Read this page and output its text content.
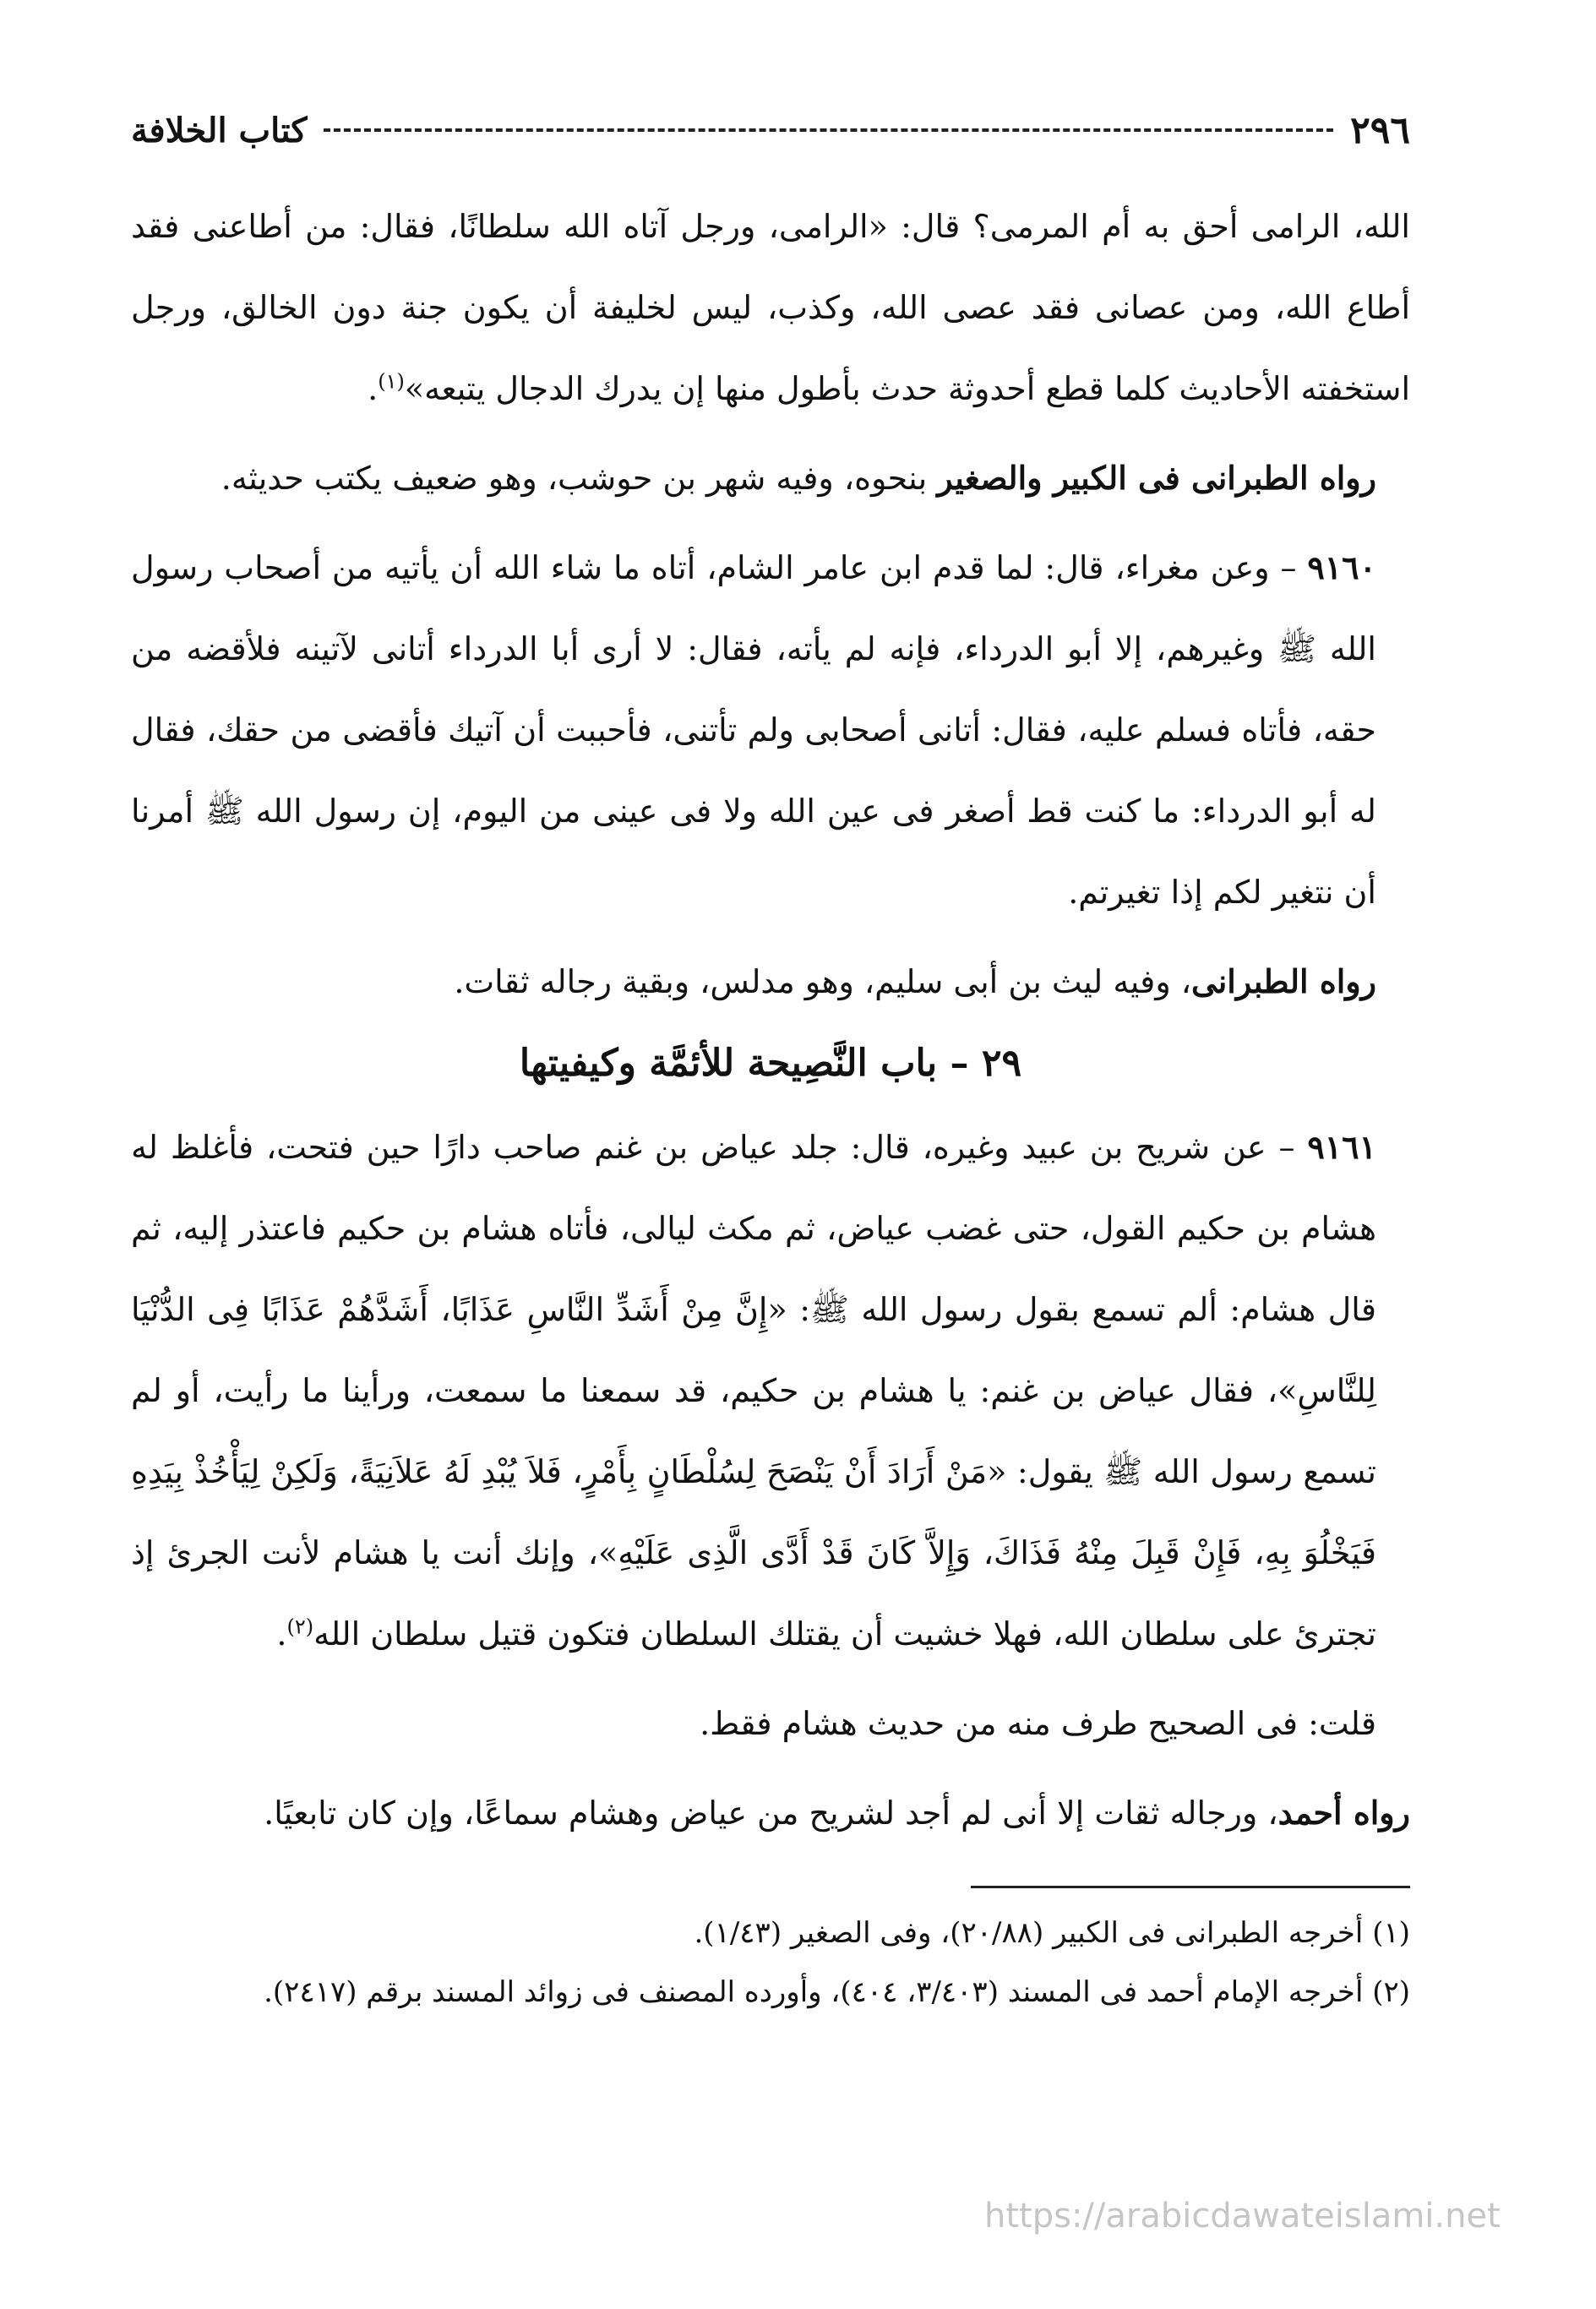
٢٩٦
كتاب الخلافة

الله، الرامى أحق به أم المرمى؟ قال: «الرامى، ورجل آتاه الله سلطانًا، فقال: من أطاعنى فقد أطاع الله، ومن عصانى فقد عصى الله، وكذب، ليس لخليفة أن يكون جنة دون الخالق، ورجل استخفته الأحاديث كلما قطع أحدوثة حدث بأطول منها إن يدرك الدجال يتبعه»$^{(١)}$.

رواه الطبرانى فى الكبير والصغير بنحوه، وفيه شهر بن حوشب، وهو ضعيف يكتب حديثه.

٩١٦٠ – وعن مغراء، قال: لما قدم ابن عامر الشام، أتاه ما شاء الله أن يأتيه من أصحاب رسول الله ﷺ وغيرهم، إلا أبو الدرداء، فإنه لم يأته، فقال: لا أرى أبا الدرداء أتانى لآتينه فلأقضه من حقه، فأتاه فسلم عليه، فقال: أتانى أصحابى ولم تأتنى، فأحببت أن آتيك فأقضى من حقك، فقال له أبو الدرداء: ما كنت قط أصغر فى عين الله ولا فى عينى من اليوم، إن رسول الله ﷺ أمرنا أن نتغير لكم إذا تغيرتم.

رواه الطبرانى، وفيه ليث بن أبى سليم، وهو مدلس، وبقية رجاله ثقات.

٢٩ – باب النَّصِيحة للأئمَّة وكيفيتها

٩١٦١ – عن شريح بن عبيد وغيره، قال: جلد عياض بن غنم صاحب دارًا حين فتحت، فأغلظ له هشام بن حكيم القول، حتى غضب عياض، ثم مكث ليالى، فأتاه هشام بن حكيم فاعتذر إليه، ثم قال هشام: ألم تسمع بقول رسول الله ﷺ: «إِنَّ مِنْ أَشَدِّ النَّاسِ عَذَابًا، أَشَدَّهُمْ عَذَابًا فِى الدُّنْيَا لِلنَّاسِ»، فقال عياض بن غنم: يا هشام بن حكيم، قد سمعنا ما سمعت، ورأينا ما رأيت، أو لم تسمع رسول الله ﷺ يقول: «مَنْ أَرَادَ أَنْ يَنْصَحَ لِسُلْطَانٍ بِأَمْرٍ، فَلاَ يُبْدِ لَهُ عَلاَنِيَةً، وَلَكِنْ لِيَأْخُذْ بِيَدِهِ فَيَخْلُوَ بِهِ، فَإِنْ قَبِلَ مِنْهُ فَذَاكَ، وَإِلاَّ كَانَ قَدْ أَدَّى الَّذِى عَلَيْهِ»، وإنك أنت يا هشام لأنت الجرئ إذ تجترئ على سلطان الله، فهلا خشيت أن يقتلك السلطان فتكون قتيل سلطان الله$^{(٢)}$.

قلت: فى الصحيح طرف منه من حديث هشام فقط.

رواه أحمد، ورجاله ثقات إلا أنى لم أجد لشريح من عياض وهشام سماعًا، وإن كان تابعيًا.

(١) أخرجه الطبرانى فى الكبير (٢٠/٨٨)، وفى الصغير (١/٤٣).

(٢) أخرجه الإمام أحمد فى المسند (٣/٤٠٣، ٤٠٤)، وأورده المصنف فى زوائد المسند برقم (٢٤١٧).

https://arabicdawateislami.net
